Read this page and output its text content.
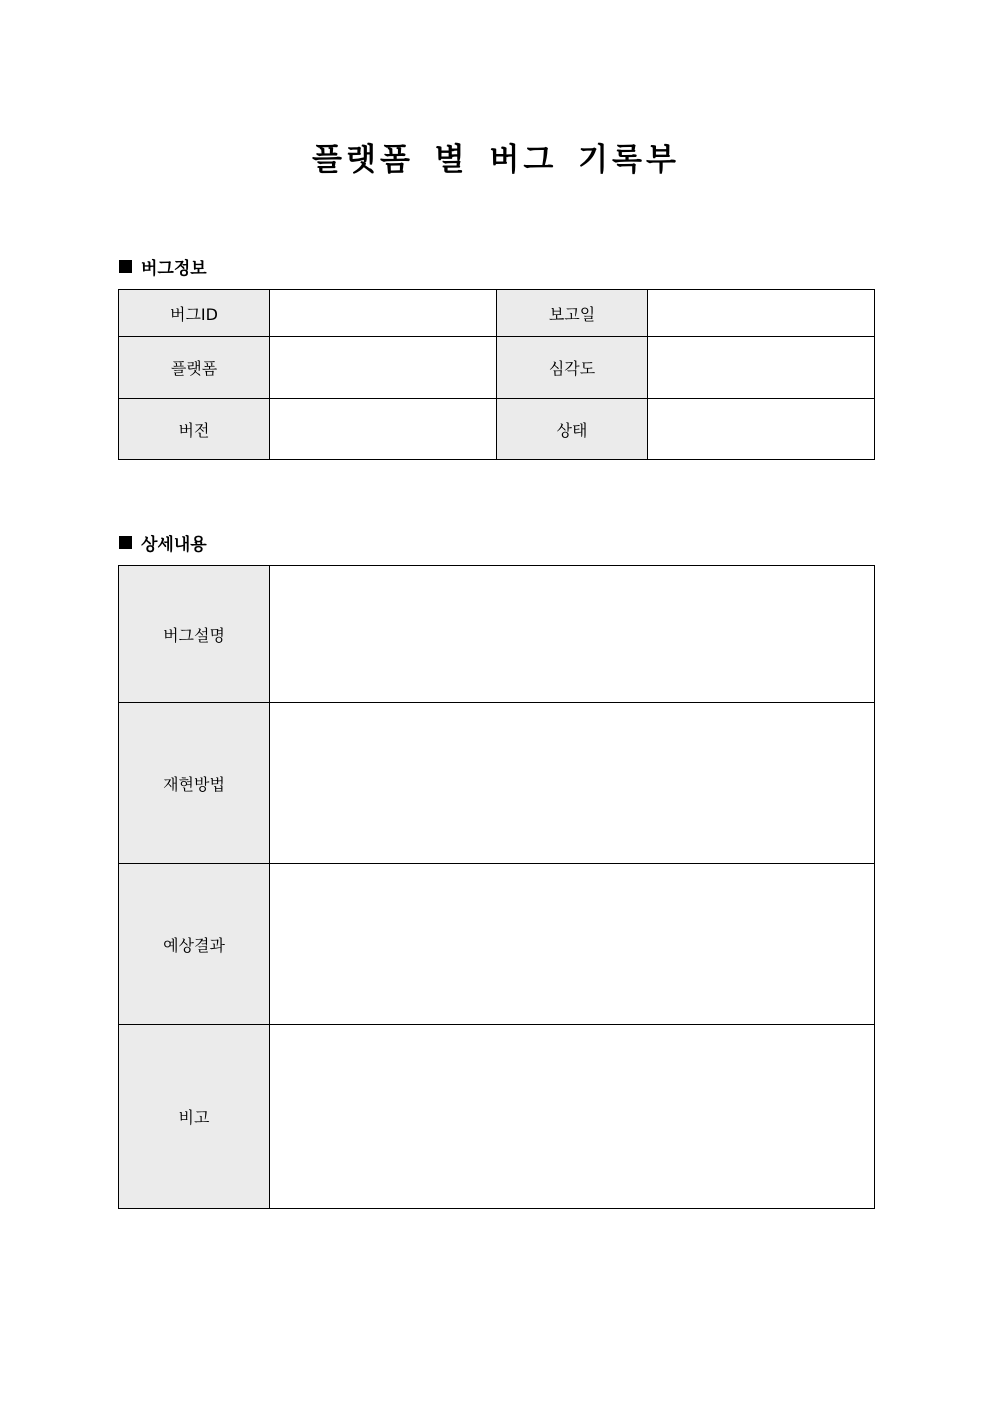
플랫폼 별 버그 기록부
버그정보
버그ID		보고일	
플랫폼		심각도	
버전		상태	
상세내용
버그설명	
재현방법	
예상결과	
비고	
